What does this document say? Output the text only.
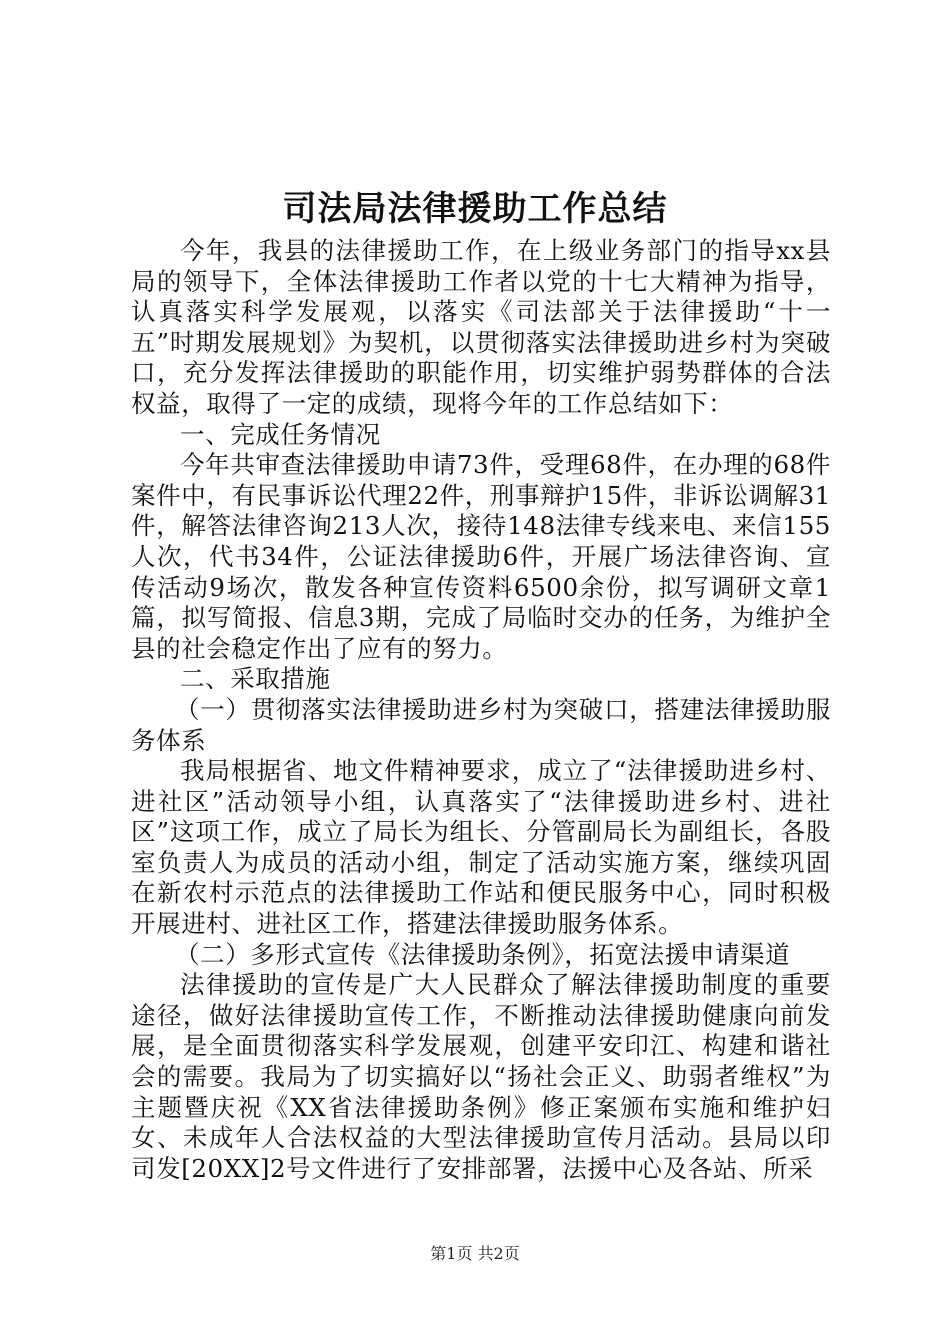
司法局法律援助工作总结

今年，我县的法律援助工作，在上级业务部门的指导xx县局的领导下，全体法律援助工作者以党的十七大精神为指导，认真落实科学发展观，以落实《司法部关于法律援助“十一五”时期发展规划》为契机，以贯彻落实法律援助进乡村为突破口，充分发挥法律援助的职能作用，切实维护弱势群体的合法权益，取得了一定的成绩，现将今年的工作总结如下：

一、完成任务情况

今年共审查法律援助申请73件，受理68件，在办理的68件案件中，有民事诉讼代理22件，刑事辩护15件，非诉讼调解31件，解答法律咨询213人次，接待148法律专线来电、来信155人次，代书34件，公证法律援助6件，开展广场法律咨询、宣传活动9场次，散发各种宣传资料6500余份，拟写调研文章1篇，拟写简报、信息3期，完成了局临时交办的任务，为维护全县的社会稳定作出了应有的努力。

二、采取措施

（一）贯彻落实法律援助进乡村为突破口，搭建法律援助服务体系

我局根据省、地文件精神要求，成立了“法律援助进乡村、进社区”活动领导小组，认真落实了“法律援助进乡村、进社区”这项工作，成立了局长为组长、分管副局长为副组长，各股室负责人为成员的活动小组，制定了活动实施方案，继续巩固在新农村示范点的法律援助工作站和便民服务中心，同时积极开展进村、进社区工作，搭建法律援助服务体系。

（二）多形式宣传《法律援助条例》，拓宽法援申请渠道

法律援助的宣传是广大人民群众了解法律援助制度的重要途径，做好法律援助宣传工作，不断推动法律援助健康向前发展，是全面贯彻落实科学发展观，创建平安印江、构建和谐社会的需要。我局为了切实搞好以“扬社会正义、助弱者维权”为主题暨庆祝《XX省法律援助条例》修正案颁布实施和维护妇女、未成年人合法权益的大型法律援助宣传月活动。县局以印司发[20XX]2号文件进行了安排部署，法援中心及各站、所采

第1页 共2页
